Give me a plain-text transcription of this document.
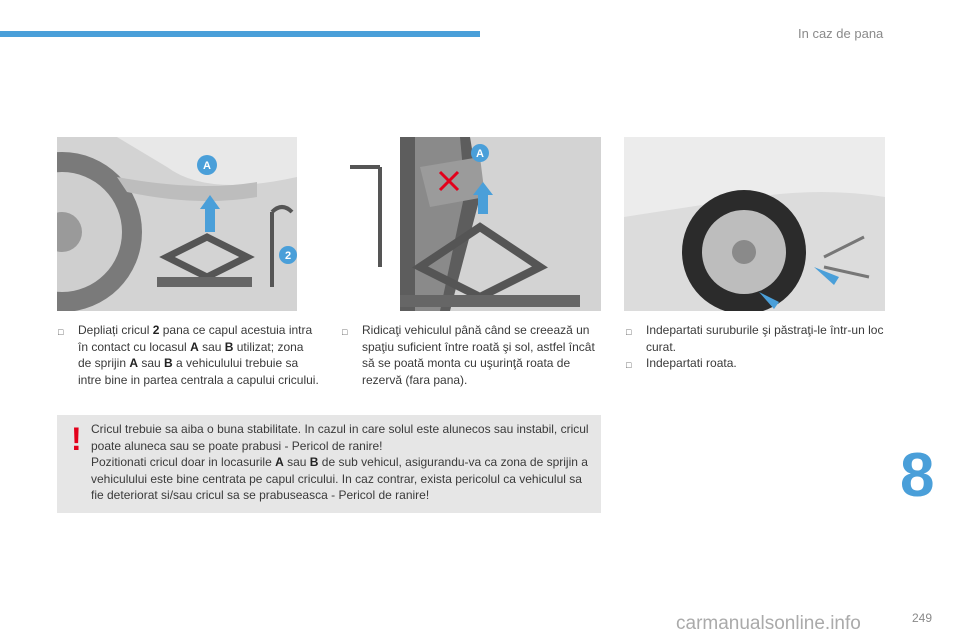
In caz de pana
A
2
A
□	Depliați cricul 2 pana ce capul acestuia intra în contact cu locasul A sau B utilizat; zona de sprijin A sau B a vehiculului trebuie sa intre bine in partea centrala a capului cricului.
□	Ridicaţi vehiculul până când se creează un spaţiu suficient între roată şi sol, astfel încât să se poată monta cu uşurinţă roata de rezervă (fara pana).
□	Indepartati suruburile şi păstraţi-le într-un loc curat.
□	Indepartati roata.
! Cricul trebuie sa aiba o buna stabilitate. In cazul in care solul este alunecos sau instabil, cricul poate aluneca sau se poate prabusi - Pericol de ranire!
Pozitionati cricul doar in locasurile A sau B de sub vehicul, asigurandu-va ca zona de sprijin a vehiculului este bine centrata pe capul cricului. In caz contrar, exista pericolul ca vehiculul sa fie deteriorat si/sau cricul sa se prabuseasca - Pericol de ranire!	8
carmanualsonline.info	249
